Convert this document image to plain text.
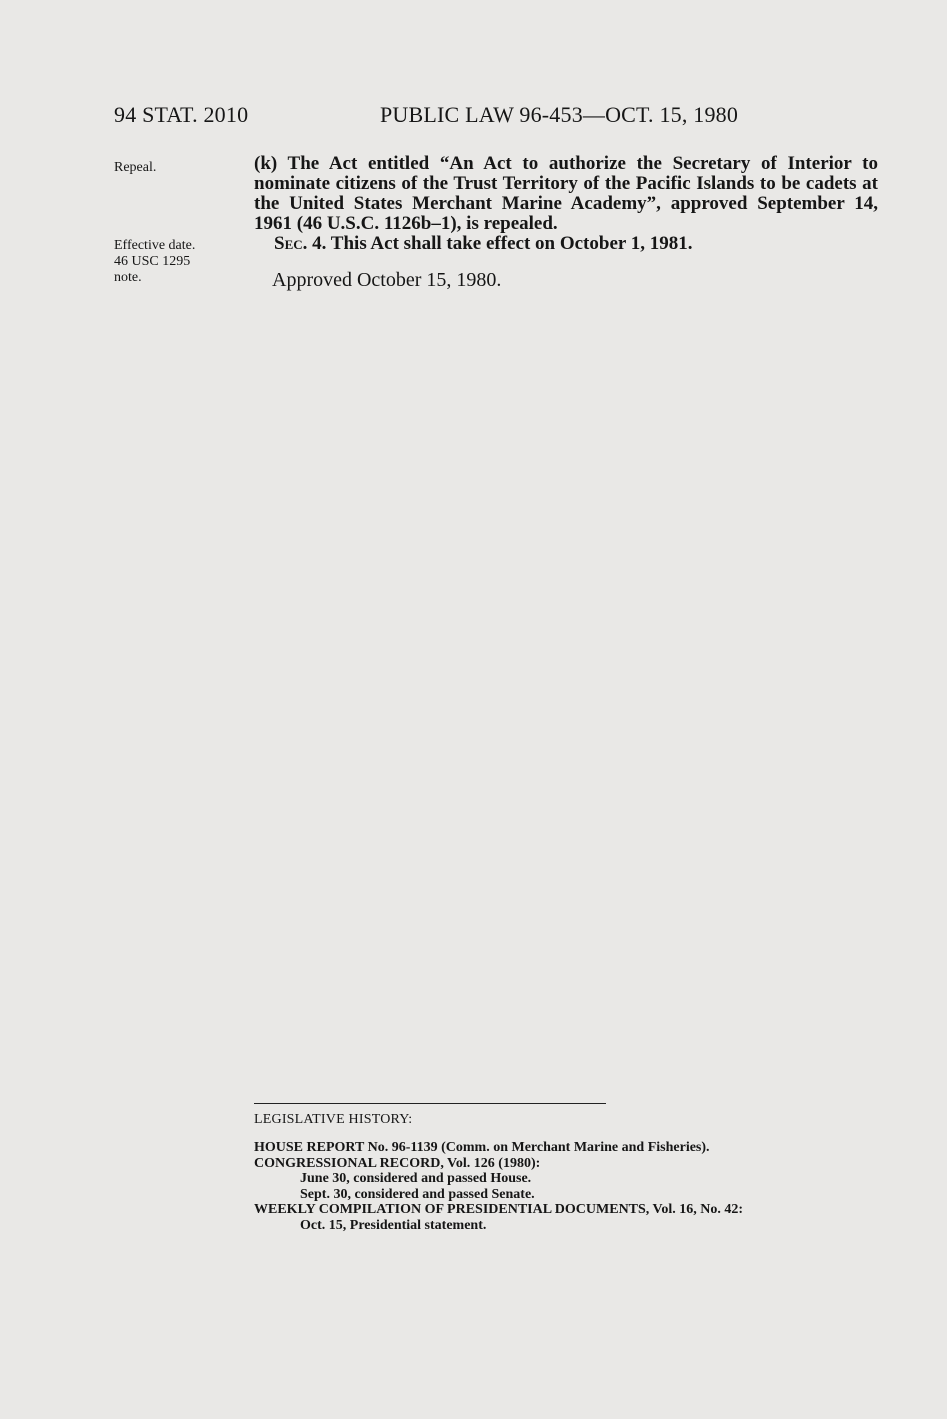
94 STAT. 2010	PUBLIC LAW 96-453—OCT. 15, 1980
Repeal.
Effective date.
46 USC 1295
note.
(k) The Act entitled “An Act to authorize the Secretary of Interior to nominate citizens of the Trust Territory of the Pacific Islands to be cadets at the United States Merchant Marine Academy”, approved September 14, 1961 (46 U.S.C. 1126b–1), is repealed.
Sec. 4. This Act shall take effect on October 1, 1981.
Approved October 15, 1980.
LEGISLATIVE HISTORY:
HOUSE REPORT No. 96-1139 (Comm. on Merchant Marine and Fisheries).
CONGRESSIONAL RECORD, Vol. 126 (1980):
June 30, considered and passed House.
Sept. 30, considered and passed Senate.
WEEKLY COMPILATION OF PRESIDENTIAL DOCUMENTS, Vol. 16, No. 42:
Oct. 15, Presidential statement.
